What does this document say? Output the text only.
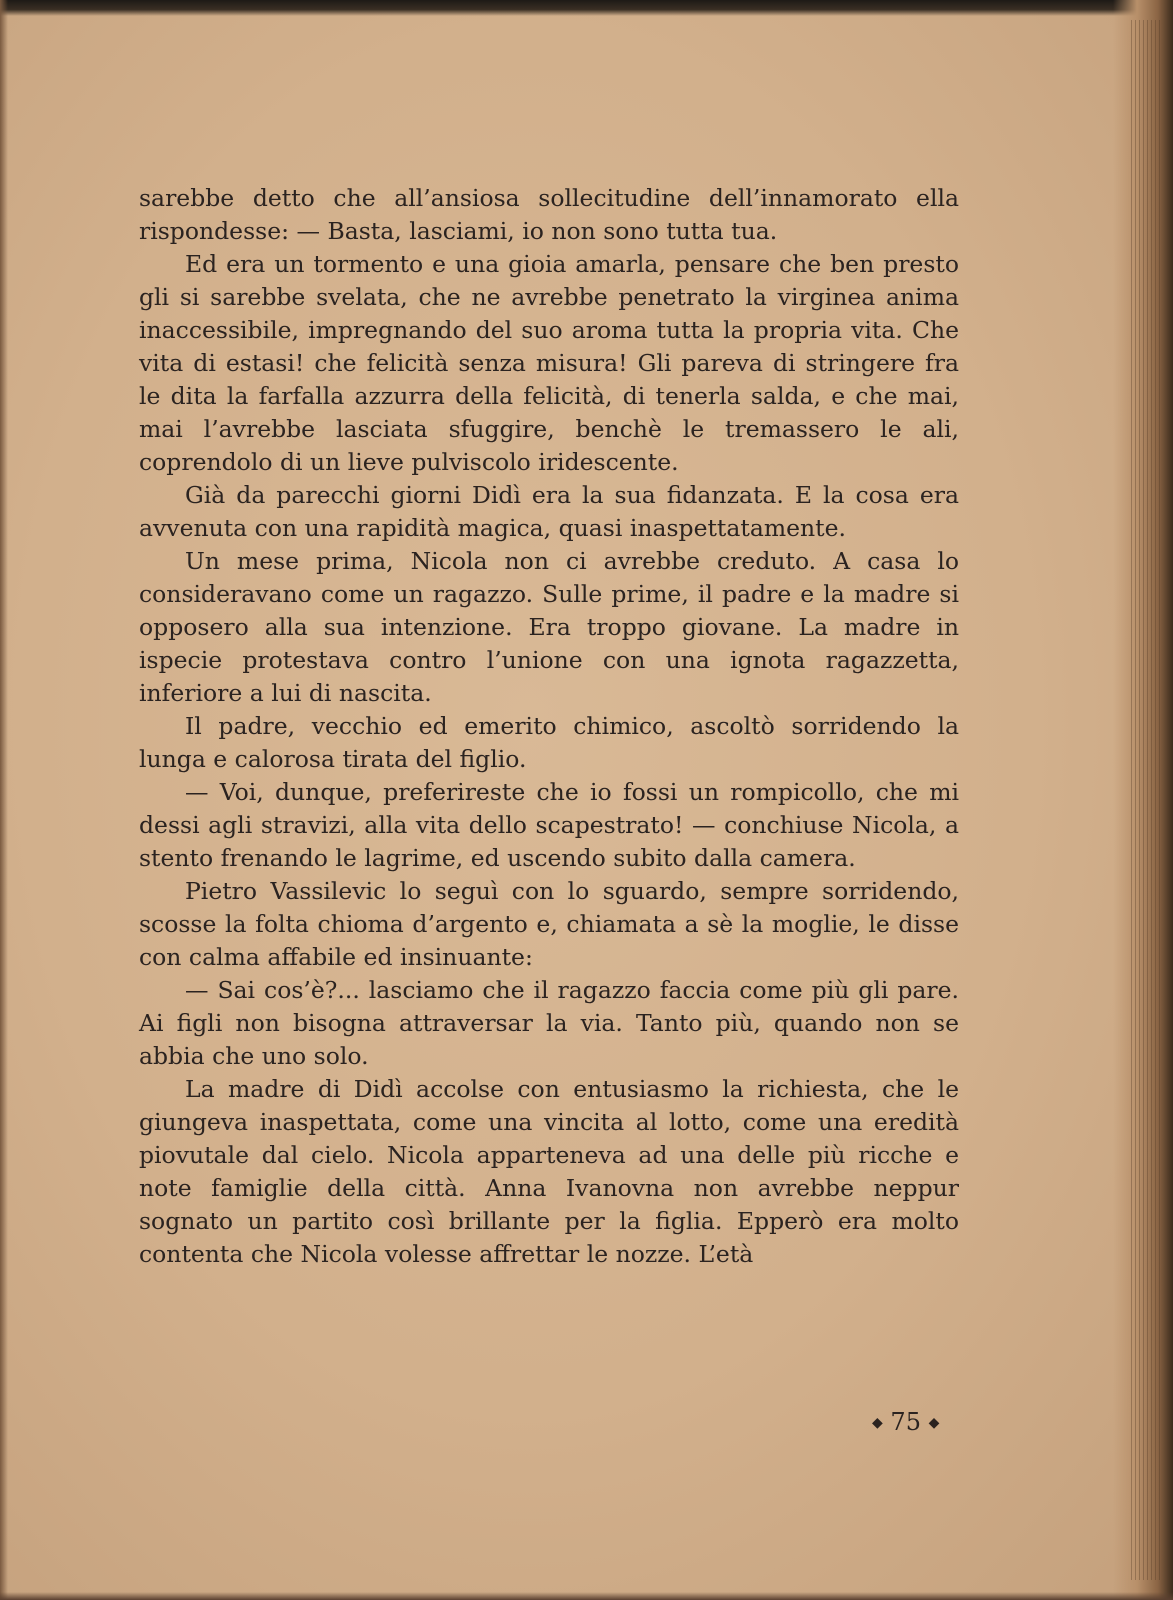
sarebbe detto che all’ansiosa sollecitudine dell’innamorato ella rispondesse: — Basta, lasciami, io non sono tutta tua.

Ed era un tormento e una gioia amarla, pensare che ben presto gli si sarebbe svelata, che ne avrebbe penetrato la virginea anima inaccessibile, impregnando del suo aroma tutta la propria vita. Che vita di estasi! che felicità senza misura! Gli pareva di stringere fra le dita la farfalla azzurra della felicità, di tenerla salda, e che mai, mai l’avrebbe lasciata sfuggire, benchè le tremassero le ali, coprendolo di un lieve pulviscolo iridescente.

Già da parecchi giorni Didì era la sua fidanzata. E la cosa era avvenuta con una rapidità magica, quasi inaspettatamente.

Un mese prima, Nicola non ci avrebbe creduto. A casa lo consideravano come un ragazzo. Sulle prime, il padre e la madre si opposero alla sua intenzione. Era troppo giovane. La madre in ispecie protestava contro l’unione con una ignota ragazzetta, inferiore a lui di nascita.

Il padre, vecchio ed emerito chimico, ascoltò sorridendo la lunga e calorosa tirata del figlio.

— Voi, dunque, preferireste che io fossi un rompicollo, che mi dessi agli stravizi, alla vita dello scapestrato! — conchiuse Nicola, a stento frenando le lagrime, ed uscendo subito dalla camera.

Pietro Vassilevic lo seguì con lo sguardo, sempre sorridendo, scosse la folta chioma d’argento e, chiamata a sè la moglie, le disse con calma affabile ed insinuante:

— Sai cos’è?... lasciamo che il ragazzo faccia come più gli pare. Ai figli non bisogna attraversar la via. Tanto più, quando non se abbia che uno solo.

La madre di Didì accolse con entusiasmo la richiesta, che le giungeva inaspettata, come una vincita al lotto, come una eredità piovutale dal cielo. Nicola apparteneva ad una delle più ricche e note famiglie della città. Anna Ivanovna non avrebbe neppur sognato un partito così brillante per la figlia. Epperò era molto contenta che Nicola volesse affrettar le nozze. L’età

◆ 75 ◆
